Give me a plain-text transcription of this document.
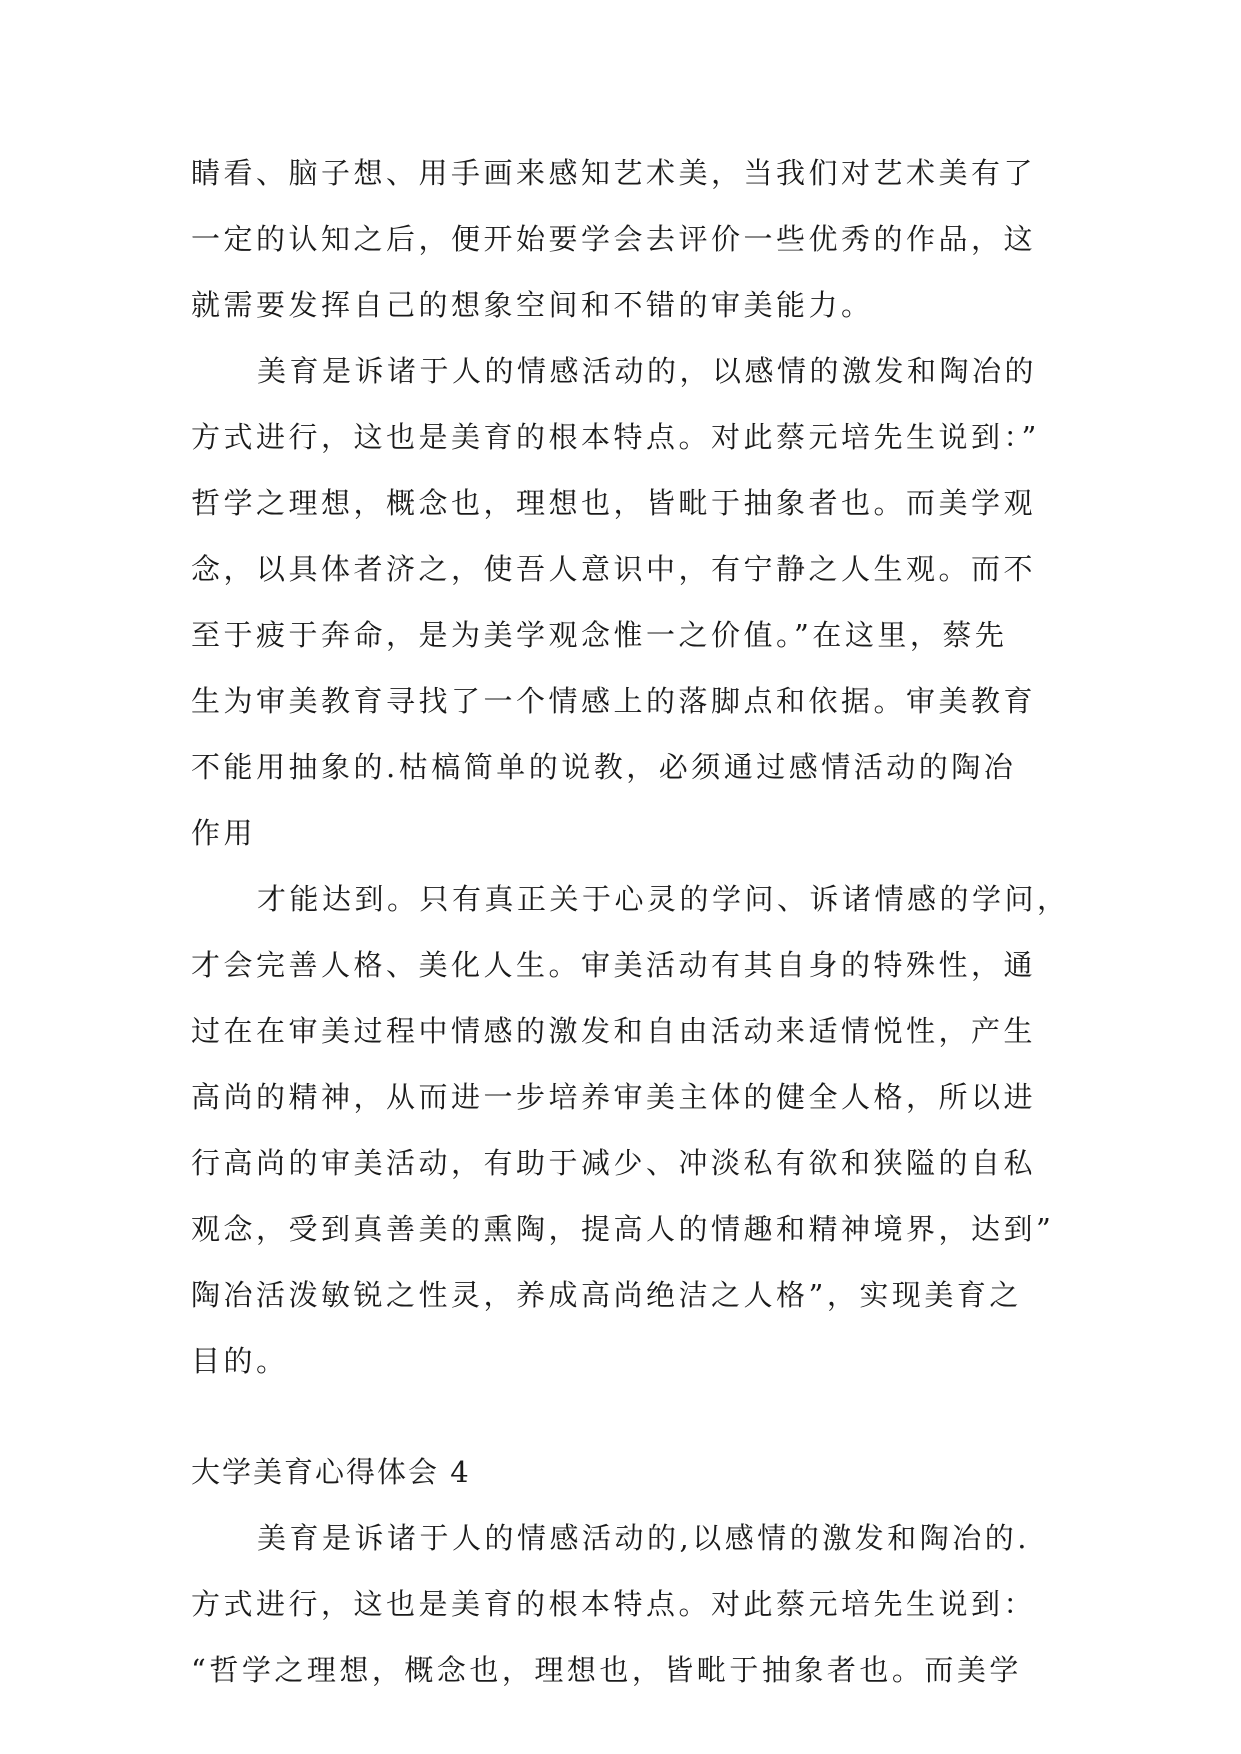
睛看、脑子想、用手画来感知艺术美，当我们对艺术美有了
一定的认知之后，便开始要学会去评价一些优秀的作品，这
就需要发挥自己的想象空间和不错的审美能力。
美育是诉诸于人的情感活动的，以感情的激发和陶冶的
方式进行，这也是美育的根本特点。对此蔡元培先生说到：”
哲学之理想，概念也，理想也，皆毗于抽象者也。而美学观
念，以具体者济之，使吾人意识中，有宁静之人生观。而不
至于疲于奔命，是为美学观念惟一之价值。”在这里，蔡先
生为审美教育寻找了一个情感上的落脚点和依据。审美教育
不能用抽象的.枯槁简单的说教，必须通过感情活动的陶冶
作用
才能达到。只有真正关于心灵的学问、诉诸情感的学问，
才会完善人格、美化人生。审美活动有其自身的特殊性，通
过在在审美过程中情感的激发和自由活动来适情悦性，产生
高尚的精神，从而进一步培养审美主体的健全人格，所以进
行高尚的审美活动，有助于减少、冲淡私有欲和狭隘的自私
观念，受到真善美的熏陶，提高人的情趣和精神境界，达到”
陶冶活泼敏锐之性灵，养成高尚绝洁之人格”，实现美育之
目的。
大学美育心得体会 4
美育是诉诸于人的情感活动的,以感情的激发和陶冶的.
方式进行，这也是美育的根本特点。对此蔡元培先生说到：
“哲学之理想，概念也，理想也，皆毗于抽象者也。而美学
